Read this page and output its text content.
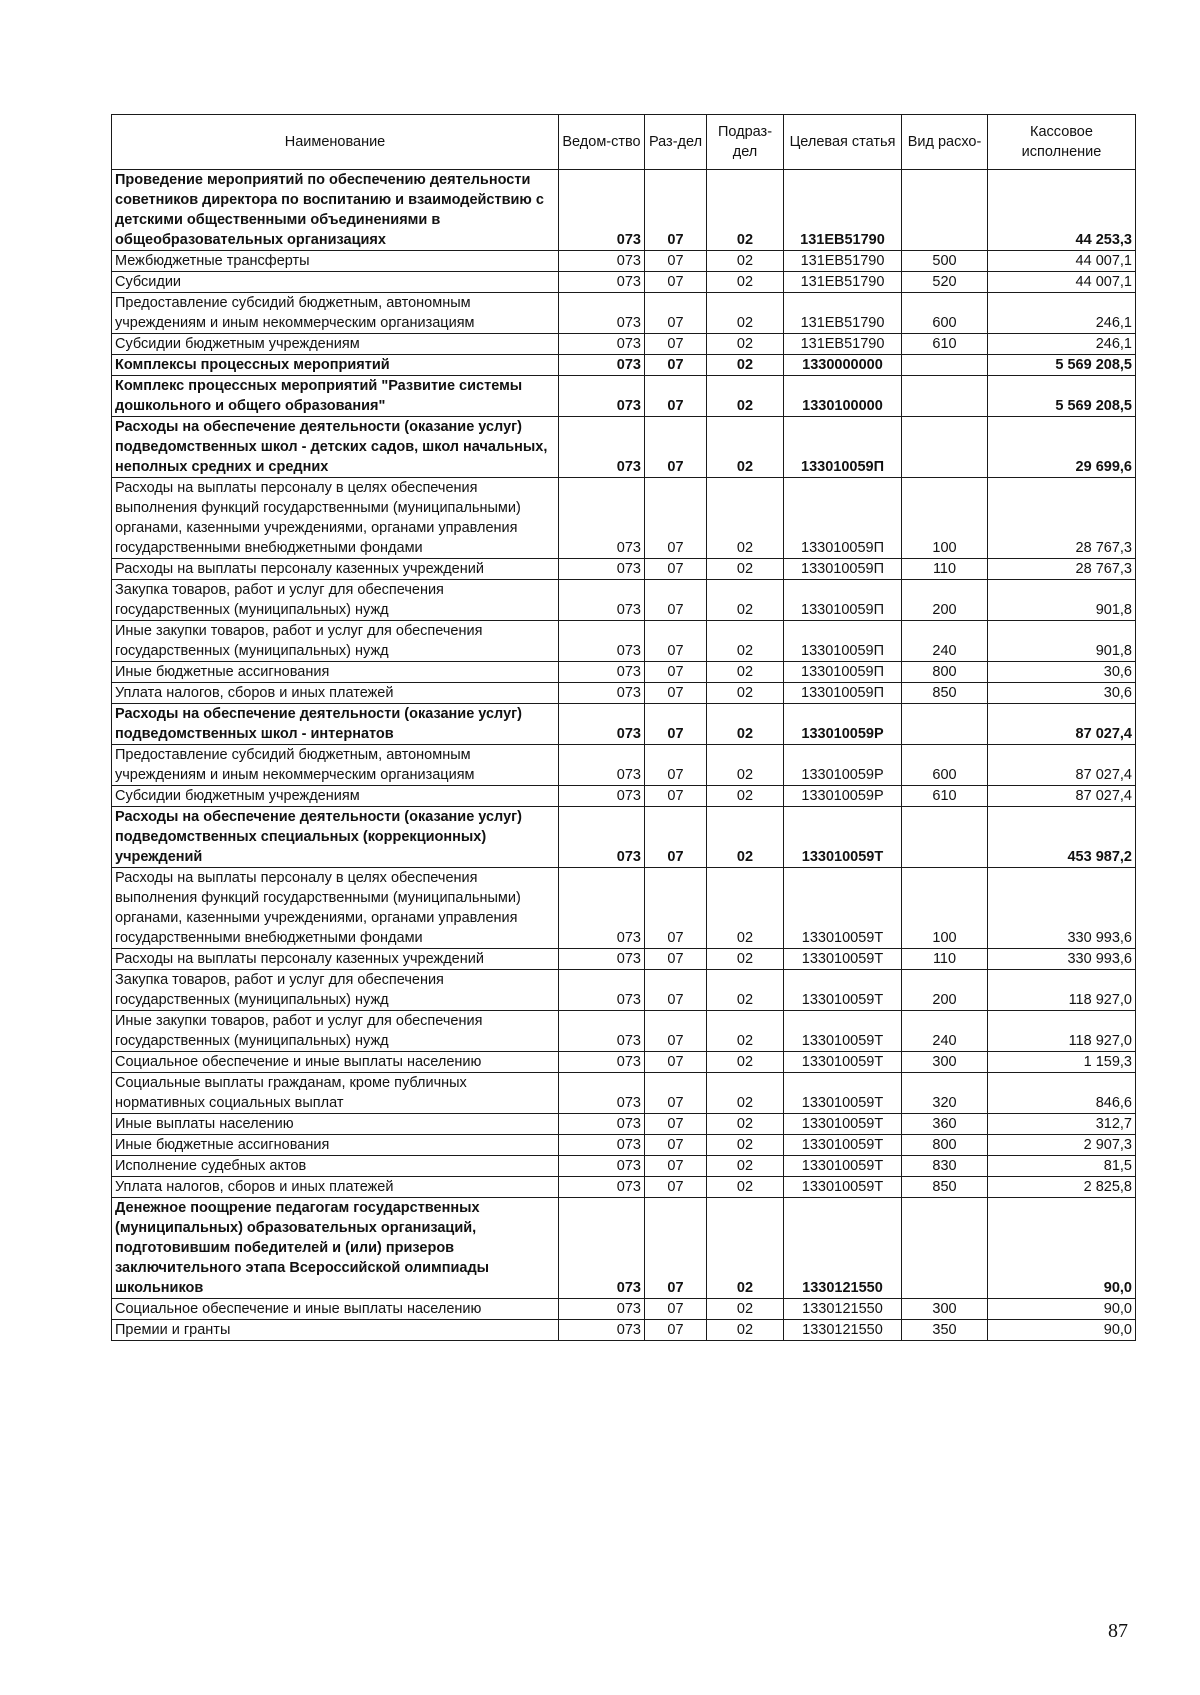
Наименование	Ведом-ство	Раз-дел	Подраз-дел	Целевая статья	Вид расхо-	Кассовое исполнение
Проведение мероприятий по обеспечению деятельности советников директора по воспитанию и взаимодействию с детскими общественными объединениями в общеобразовательных организациях	073	07	02	131EB51790		44 253,3
Межбюджетные трансферты	073	07	02	131EB51790	500	44 007,1
Субсидии	073	07	02	131EB51790	520	44 007,1
Предоставление субсидий бюджетным, автономным учреждениям и иным некоммерческим организациям	073	07	02	131EB51790	600	246,1
Субсидии бюджетным учреждениям	073	07	02	131EB51790	610	246,1
Комплексы процессных мероприятий	073	07	02	1330000000		5 569 208,5
Комплекс процессных мероприятий "Развитие системы дошкольного и общего образования"	073	07	02	1330100000		5 569 208,5
Расходы на обеспечение деятельности (оказание услуг) подведомственных школ - детских садов, школ начальных, неполных средних и средних	073	07	02	133010059П		29 699,6
Расходы на выплаты персоналу в целях обеспечения выполнения функций государственными (муниципальными) органами, казенными учреждениями, органами управления государственными внебюджетными фондами	073	07	02	133010059П	100	28 767,3
Расходы на выплаты персоналу казенных учреждений	073	07	02	133010059П	110	28 767,3
Закупка товаров, работ и услуг для обеспечения государственных (муниципальных) нужд	073	07	02	133010059П	200	901,8
Иные закупки товаров, работ и услуг для обеспечения государственных (муниципальных) нужд	073	07	02	133010059П	240	901,8
Иные бюджетные ассигнования	073	07	02	133010059П	800	30,6
Уплата налогов, сборов и иных платежей	073	07	02	133010059П	850	30,6
Расходы на обеспечение деятельности (оказание услуг) подведомственных школ - интернатов	073	07	02	133010059Р		87 027,4
Предоставление субсидий бюджетным, автономным учреждениям и иным некоммерческим организациям	073	07	02	133010059Р	600	87 027,4
Субсидии бюджетным учреждениям	073	07	02	133010059Р	610	87 027,4
Расходы на обеспечение деятельности (оказание услуг) подведомственных специальных (коррекционных) учреждений	073	07	02	133010059Т		453 987,2
Расходы на выплаты персоналу в целях обеспечения выполнения функций государственными (муниципальными) органами, казенными учреждениями, органами управления государственными внебюджетными фондами	073	07	02	133010059Т	100	330 993,6
Расходы на выплаты персоналу казенных учреждений	073	07	02	133010059Т	110	330 993,6
Закупка товаров, работ и услуг для обеспечения государственных (муниципальных) нужд	073	07	02	133010059Т	200	118 927,0
Иные закупки товаров, работ и услуг для обеспечения государственных (муниципальных) нужд	073	07	02	133010059Т	240	118 927,0
Социальное обеспечение и иные выплаты населению	073	07	02	133010059Т	300	1 159,3
Социальные выплаты гражданам, кроме публичных нормативных социальных выплат	073	07	02	133010059Т	320	846,6
Иные выплаты населению	073	07	02	133010059Т	360	312,7
Иные бюджетные ассигнования	073	07	02	133010059Т	800	2 907,3
Исполнение судебных актов	073	07	02	133010059Т	830	81,5
Уплата налогов, сборов и иных платежей	073	07	02	133010059Т	850	2 825,8
Денежное поощрение педагогам государственных (муниципальных) образовательных организаций, подготовившим победителей и (или) призеров заключительного этапа Всероссийской олимпиады школьников	073	07	02	1330121550		90,0
Социальное обеспечение и иные выплаты населению	073	07	02	1330121550	300	90,0
Премии и гранты	073	07	02	1330121550	350	90,0
87
